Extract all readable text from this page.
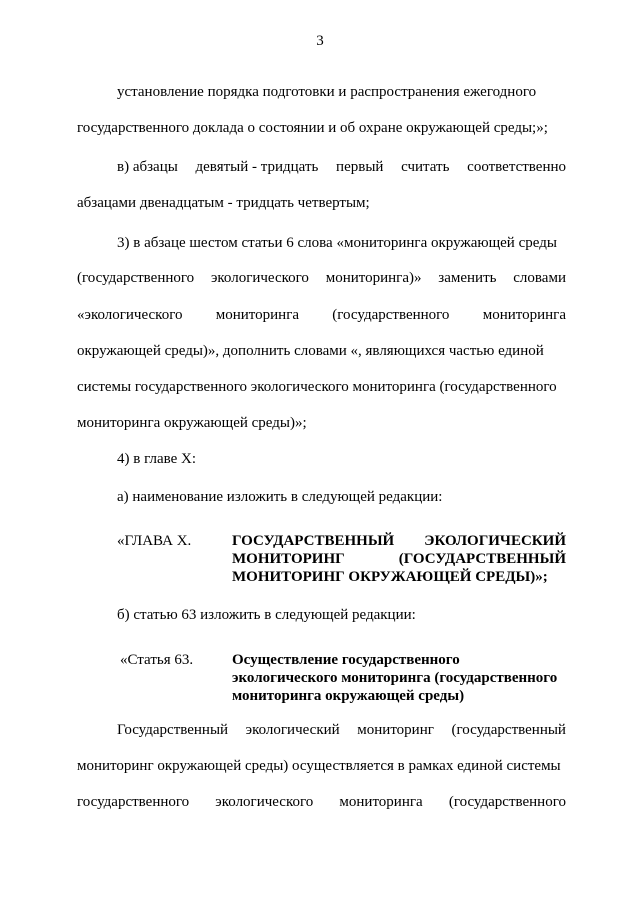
3
установление порядка подготовки и распространения ежегодного
государственного доклада о состоянии и об охране окружающей среды;»;
в) абзацы девятый - тридцать первый считать соответственно
абзацами двенадцатым - тридцать четвертым;
3) в абзаце шестом статьи 6 слова «мониторинга окружающей среды
(государственного экологического мониторинга)» заменить словами
«экологического мониторинга (государственного мониторинга
окружающей среды)», дополнить словами «, являющихся частью единой
системы государственного экологического мониторинга (государственного
мониторинга окружающей среды)»;
4) в главе X:
а) наименование изложить в следующей редакции:
«ГЛАВА X.	ГОСУДАРСТВЕННЫЙ ЭКОЛОГИЧЕСКИЙ
МОНИТОРИНГ	(ГОСУДАРСТВЕННЫЙ
МОНИТОРИНГ ОКРУЖАЮЩЕЙ СРЕДЫ)»;
б) статью 63 изложить в следующей редакции:
«Статья 63.	Осуществление государственного
экологического мониторинга (государственного
мониторинга окружающей среды)
Государственный экологический мониторинг (государственный
мониторинг окружающей среды) осуществляется в рамках единой системы
государственного экологического мониторинга (государственного
